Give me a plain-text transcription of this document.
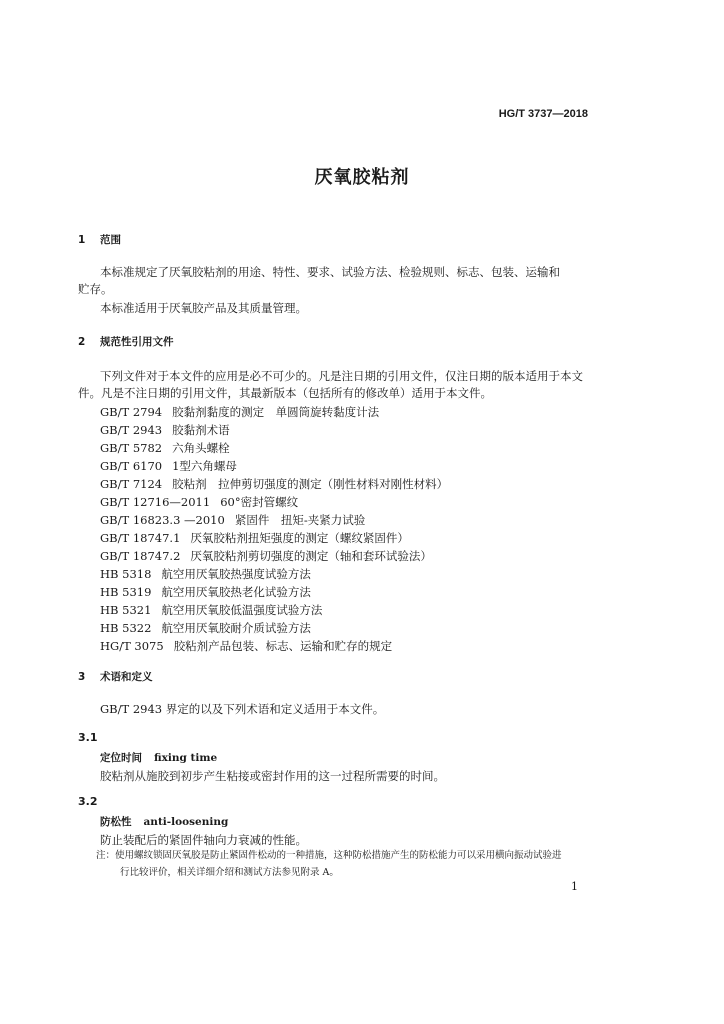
HG/T 3737—2018
厌氧胶粘剂
1 范围
本标准规定了厌氧胶粘剂的用途、特性、要求、试验方法、检验规则、标志、包装、运输和
贮存。
本标准适用于厌氧胶产品及其质量管理。
2 规范性引用文件
下列文件对于本文件的应用是必不可少的。凡是注日期的引用文件，仅注日期的版本适用于本文
件。凡是不注日期的引用文件，其最新版本（包括所有的修改单）适用于本文件。
GB/T 2794 胶黏剂黏度的测定　单圆筒旋转黏度计法
GB/T 2943 胶黏剂术语
GB/T 5782 六角头螺栓
GB/T 6170 1型六角螺母
GB/T 7124 胶粘剂　拉伸剪切强度的测定（刚性材料对刚性材料）
GB/T 12716—2011 60°密封管螺纹
GB/T 16823.3 —2010 紧固件　扭矩-夹紧力试验
GB/T 18747.1 厌氧胶粘剂扭矩强度的测定（螺纹紧固件）
GB/T 18747.2 厌氧胶粘剂剪切强度的测定（轴和套环试验法）
HB 5318 航空用厌氧胶热强度试验方法
HB 5319 航空用厌氧胶热老化试验方法
HB 5321 航空用厌氧胶低温强度试验方法
HB 5322 航空用厌氧胶耐介质试验方法
HG/T 3075 胶粘剂产品包装、标志、运输和贮存的规定
3 术语和定义
GB/T 2943 界定的以及下列术语和定义适用于本文件。
3.1
定位时间 fixing time
胶粘剂从施胶到初步产生粘接或密封作用的这一过程所需要的时间。
3.2
防松性 anti-loosening
防止装配后的紧固件轴向力衰减的性能。
注：使用螺纹锁固厌氧胶是防止紧固件松动的一种措施，这种防松措施产生的防松能力可以采用横向振动试验进
行比较评价，相关详细介绍和测试方法参见附录 A。
1
